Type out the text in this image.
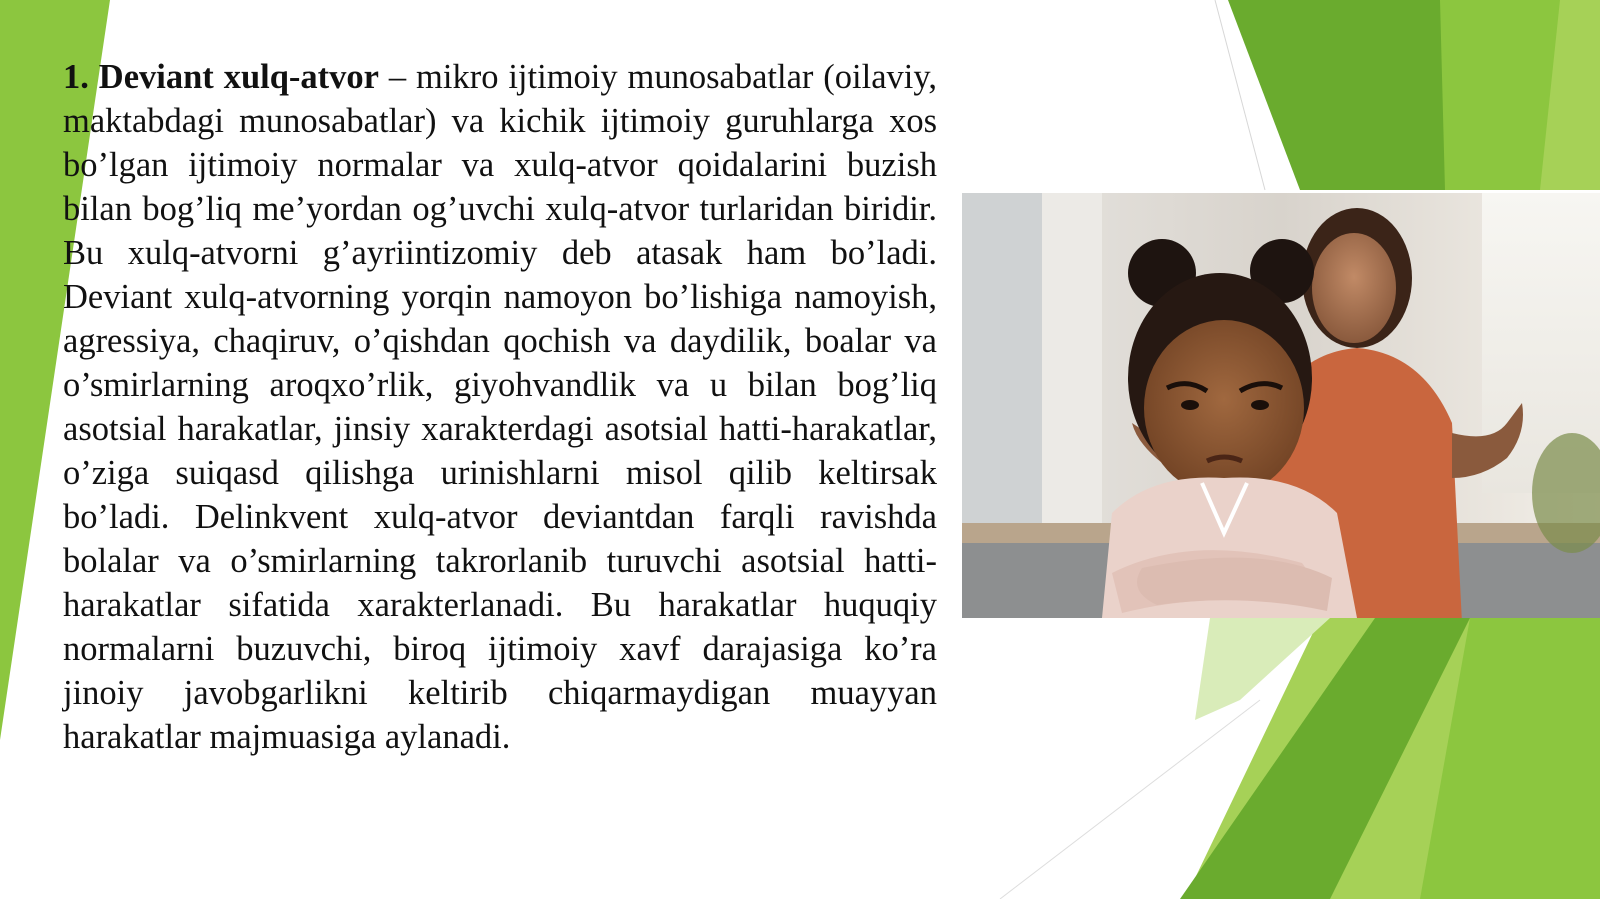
1. Deviant xulq-atvor – mikro ijtimoiy munosabatlar (oilaviy, maktabdagi munosabatlar) va kichik ijtimoiy guruhlarga xos bo’lgan ijtimoiy normalar va xulq-atvor qoidalarini buzish bilan bog’liq me’yordan og’uvchi xulq-atvor turlaridan biridir. Bu xulq-atvorni g’ayriintizomiy deb atasak ham bo’ladi. Deviant xulq-atvorning yorqin namoyon bo’lishiga namoyish, agressiya, chaqiruv, o’qishdan qochish va daydilik, boalar va o’smirlarning aroqxo’rlik, giyohvandlik va u bilan bog’liq asotsial harakatlar, jinsiy xarakterdagi asotsial hatti-harakatlar, o’ziga suiqasd qilishga urinishlarni misol qilib keltirsak bo’ladi. Delinkvent xulq-atvor deviantdan farqli ravishda bolalar va o’smirlarning takrorlanib turuvchi asotsial hatti-harakatlar sifatida xarakterlanadi. Bu harakatlar huquqiy normalarni buzuvchi, biroq ijtimoiy xavf darajasiga ko’ra jinoiy javobgarlikni keltirib chiqarmaydigan muayyan harakatlar majmuasiga aylanadi.
